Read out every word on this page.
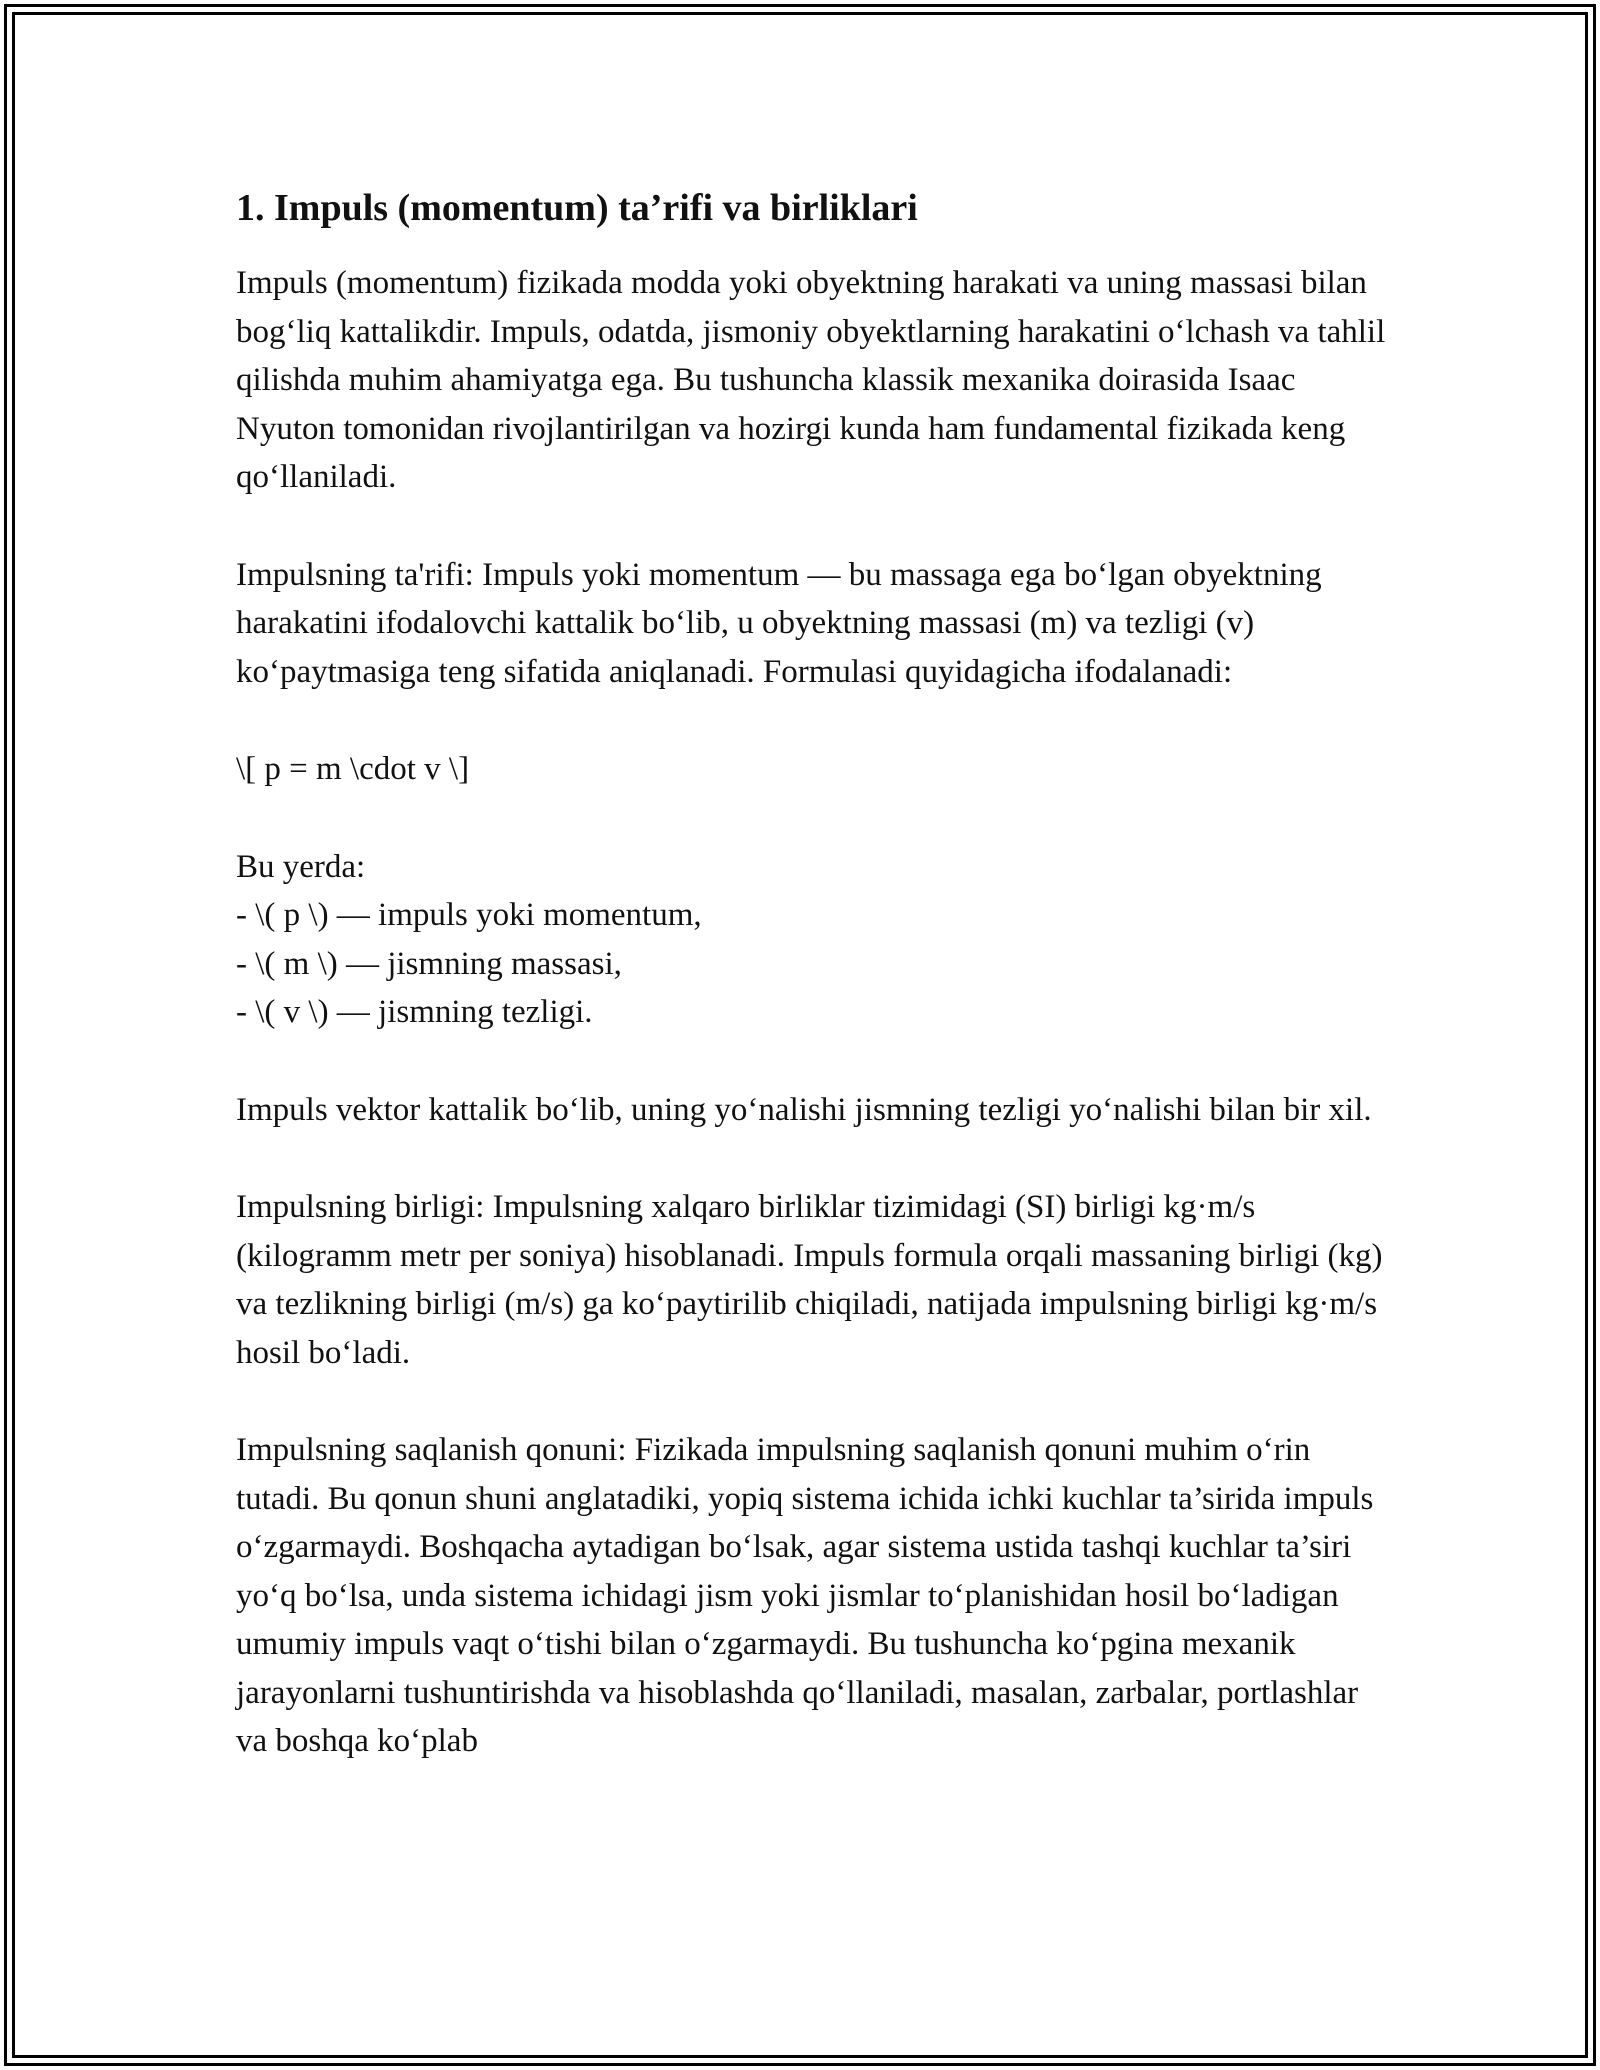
1. Impuls (momentum) ta’rifi va birliklari

Impuls (momentum) fizikada modda yoki obyektning harakati va uning massasi bilan bog‘liq kattalikdir. Impuls, odatda, jismoniy obyektlarning harakatini o‘lchash va tahlil qilishda muhim ahamiyatga ega. Bu tushuncha klassik mexanika doirasida Isaac Nyuton tomonidan rivojlantirilgan va hozirgi kunda ham fundamental fizikada keng qo‘llaniladi.

Impulsning ta'rifi: Impuls yoki momentum — bu massaga ega bo‘lgan obyektning harakatini ifodalovchi kattalik bo‘lib, u obyektning massasi (m) va tezligi (v) ko‘paytmasiga teng sifatida aniqlanadi. Formulasi quyidagicha ifodalanadi:

\[ p = m \cdot v \]

Bu yerda:
- \( p \) — impuls yoki momentum,
- \( m \) — jismning massasi,
- \( v \) — jismning tezligi.

Impuls vektor kattalik bo‘lib, uning yo‘nalishi jismning tezligi yo‘nalishi bilan bir xil.

Impulsning birligi: Impulsning xalqaro birliklar tizimidagi (SI) birligi kg·m/s (kilogramm metr per soniya) hisoblanadi. Impuls formula orqali massaning birligi (kg) va tezlikning birligi (m/s) ga ko‘paytirilib chiqiladi, natijada impulsning birligi kg·m/s hosil bo‘ladi.

Impulsning saqlanish qonuni: Fizikada impulsning saqlanish qonuni muhim o‘rin tutadi. Bu qonun shuni anglatadiki, yopiq sistema ichida ichki kuchlar ta’sirida impuls o‘zgarmaydi. Boshqacha aytadigan bo‘lsak, agar sistema ustida tashqi kuchlar ta’siri yo‘q bo‘lsa, unda sistema ichidagi jism yoki jismlar to‘planishidan hosil bo‘ladigan umumiy impuls vaqt o‘tishi bilan o‘zgarmaydi. Bu tushuncha ko‘pgina mexanik jarayonlarni tushuntirishda va hisoblashda qo‘llaniladi, masalan, zarbalar, portlashlar va boshqa ko‘plab
